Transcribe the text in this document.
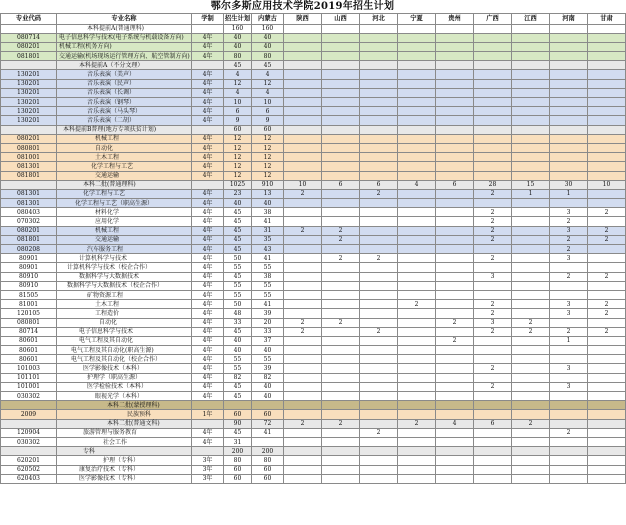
鄂尔多斯应用技术学院2019年招生计划
专业代码	专业名称	学制	招生计划	内蒙古	陕西	山西	河北	宁夏	贵州	广西	江西	河南	甘肃
	本科提前A(普通理科)		160	160									
080714	电子信息科学与技术(电子系统与机载设备方向)	4年	40	40									
080201	机械工程(机务方向)	4年	40	40									
081801	交通运输(机场现场运行管理方向、航空管制方向)	4年	80	80									
	本科提前A（不分文理）		45	45									
130201	音乐表演（美声）	4年	4	4									
130201	音乐表演（民声）	4年	12	12									
130201	音乐表演（长调）	4年	4	4									
130201	音乐表演（钢琴）	4年	10	10									
130201	音乐表演（马头琴）	4年	6	6									
130201	音乐表演（二胡）	4年	9	9									
	本科提前B普理(地方专项扶贫计划)		60	60									
080201	机械工程	4年	12	12									
080801	自动化	4年	12	12									
081001	土木工程	4年	12	12									
081301	化学工程与工艺	4年	12	12									
081801	交通运输	4年	12	12									
	本科二批(普通理科)		1025	910	10	6	6	4	6	28	15	30	10
081301	化学工程与工艺	4年	23	13	2		2			2	1	1	
081301	化学工程与工艺（职高生源）	4年	40	40									
080403	材料化学	4年	45	38						2		3	2
070302	应用化学	4年	45	41						2		2	
080201	机械工程	4年	45	31	2	2				2		3	2
081801	交通运输	4年	45	35		2				2		2	2
080208	汽车服务工程	4年	45	43								2	
80901	计算机科学与技术	4年	50	41		2	2			2		3	
80901	计算机科学与技术（校企合作）	4年	55	55									
80910	数据科学与大数据技术	4年	45	38						3		2	2
80910	数据科学与大数据技术（校企合作）	4年	55	55									
81505	矿物资源工程	4年	55	55									
81001	土木工程	4年	50	41				2		2		3	2
120105	工程造价	4年	48	39						2		3	2
080801	自动化	4年	33	20	2	2			2	3	2		
80714	电子信息科学与技术	4年	45	33	2		2			2	2	2	2
80601	电气工程及其自动化	4年	40	37					2			1	
80601	电气工程及其自动化(职高生源)	4年	40	40									
80601	电气工程及其自动化（校企合作）	4年	55	55									
101003	医学影像技术（本科）	4年	55	39						2		3	
101101	护理学（职高生源）	4年	82	82									
101001	医学检验技术（本科）	4年	45	40						2		3	
030302	眼视光学（本科）	4年	45	40									
	本科二批(蒙授理科)												
2009	民族预科	1年	60	60									
	本科二批(普通文科)		90	72	2	2		2	4	6	2		
120904	旅游管理与服务教育	4年	45	41			2					2	
030302	社会工作	4年	31										
	专科		200	200									
620201	护理（专科）	3年	80	80									
620502	康复治疗技术（专科）	3年	60	60									
620403	医学影像技术（专科）	3年	60	60									
